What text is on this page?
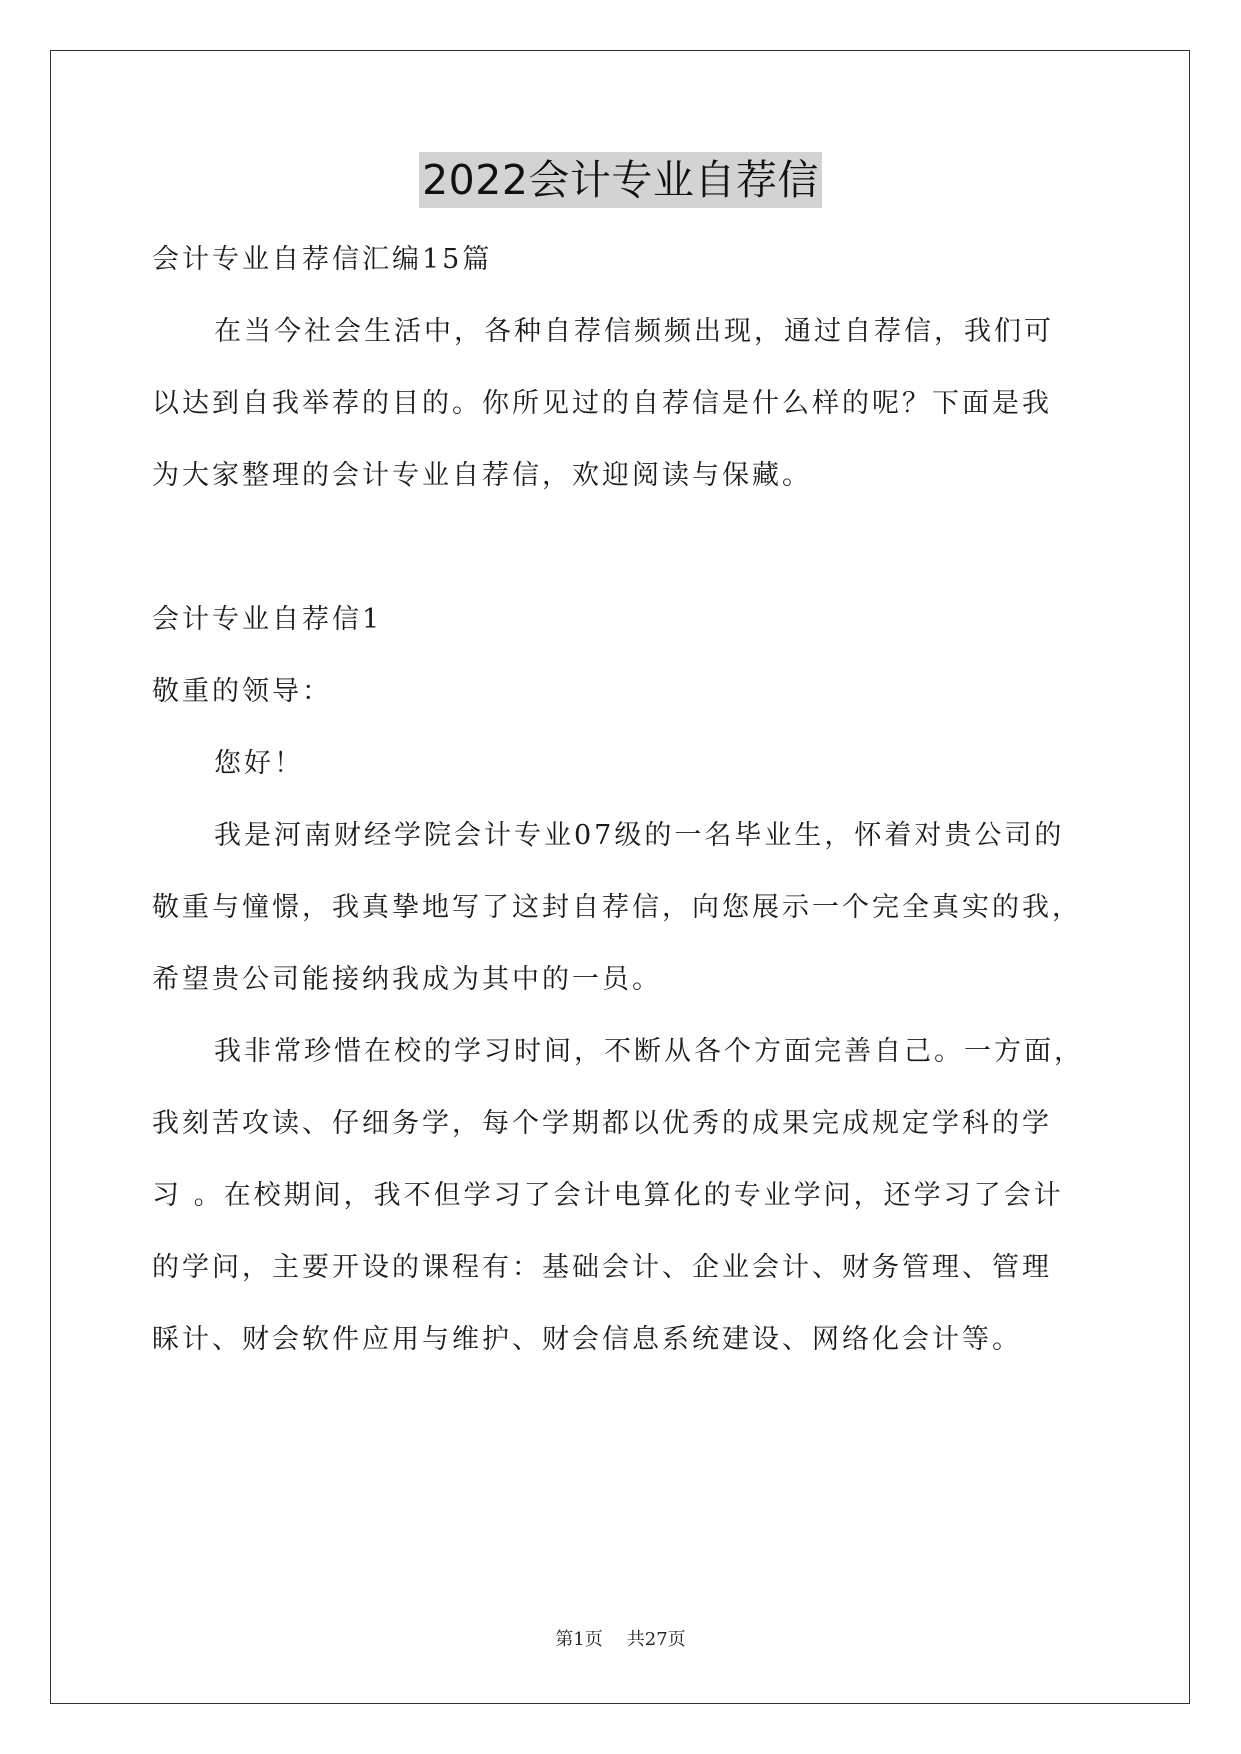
2022会计专业自荐信
会计专业自荐信汇编15篇
在当今社会生活中，各种自荐信频频出现，通过自荐信，我们可
以达到自我举荐的目的。你所见过的自荐信是什么样的呢？下面是我
为大家整理的会计专业自荐信，欢迎阅读与保藏。
会计专业自荐信1
敬重的领导：
您好！
我是河南财经学院会计专业07级的一名毕业生，怀着对贵公司的
敬重与憧憬，我真挚地写了这封自荐信，向您展示一个完全真实的我，
希望贵公司能接纳我成为其中的一员。
我非常珍惜在校的学习时间，不断从各个方面完善自己。一方面，
我刻苦攻读、仔细务学，每个学期都以优秀的成果完成规定学科的学
习 。在校期间，我不但学习了会计电算化的专业学问，还学习了会计
的学问，主要开设的课程有：基础会计、企业会计、财务管理、管理
睬计、财会软件应用与维护、财会信息系统建设、网络化会计等。
第1页 共27页
